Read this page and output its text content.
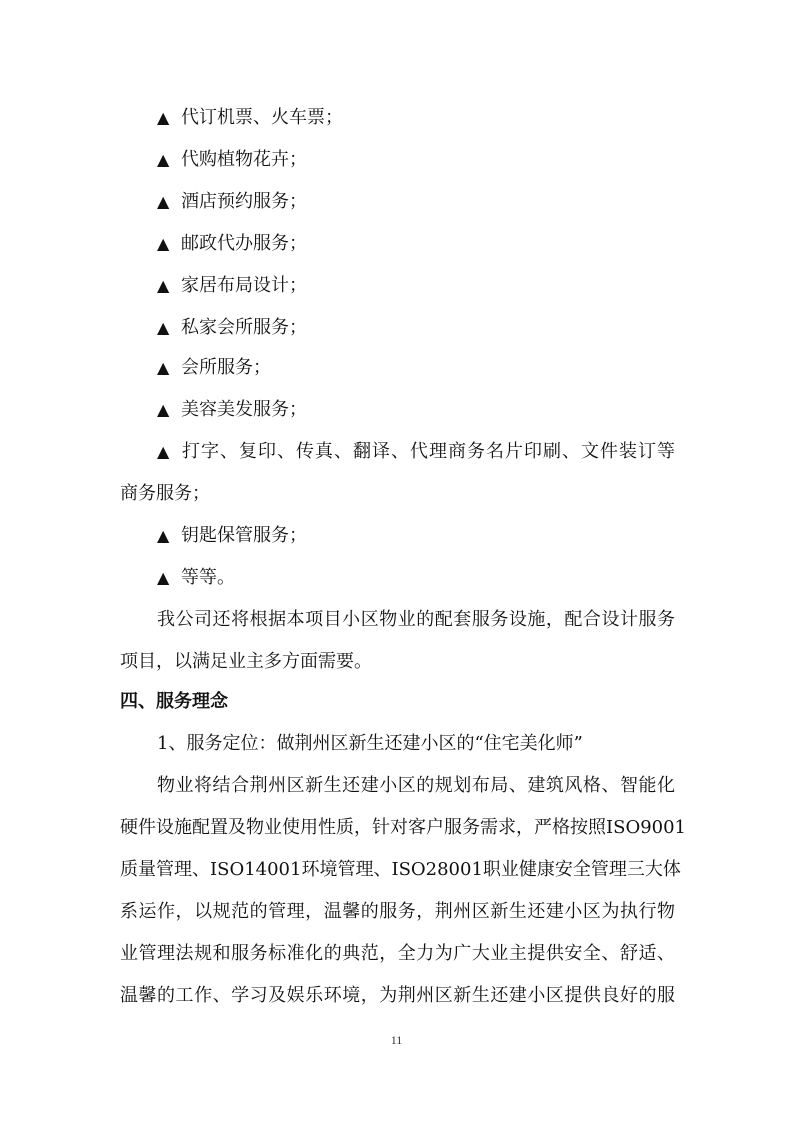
▲ 代订机票、火车票；

▲ 代购植物花卉；

▲ 酒店预约服务；

▲ 邮政代办服务；

▲ 家居布局设计；

▲ 私家会所服务；

▲ 会所服务；

▲ 美容美发服务；

▲ 打字、复印、传真、翻译、代理商务名片印刷、文件装订等

商务服务；

▲ 钥匙保管服务；

▲ 等等。

我公司还将根据本项目小区物业的配套服务设施，配合设计服务

项目，以满足业主多方面需要。

四、服务理念

1、服务定位：做荆州区新生还建小区的“住宅美化师”

物业将结合荆州区新生还建小区的规划布局、建筑风格、智能化

硬件设施配置及物业使用性质，针对客户服务需求，严格按照ISO9001

质量管理、ISO14001环境管理、ISO28001职业健康安全管理三大体

系运作，以规范的管理，温馨的服务，荆州区新生还建小区为执行物

业管理法规和服务标准化的典范，全力为广大业主提供安全、舒适、

温馨的工作、学习及娱乐环境，为荆州区新生还建小区提供良好的服

11
